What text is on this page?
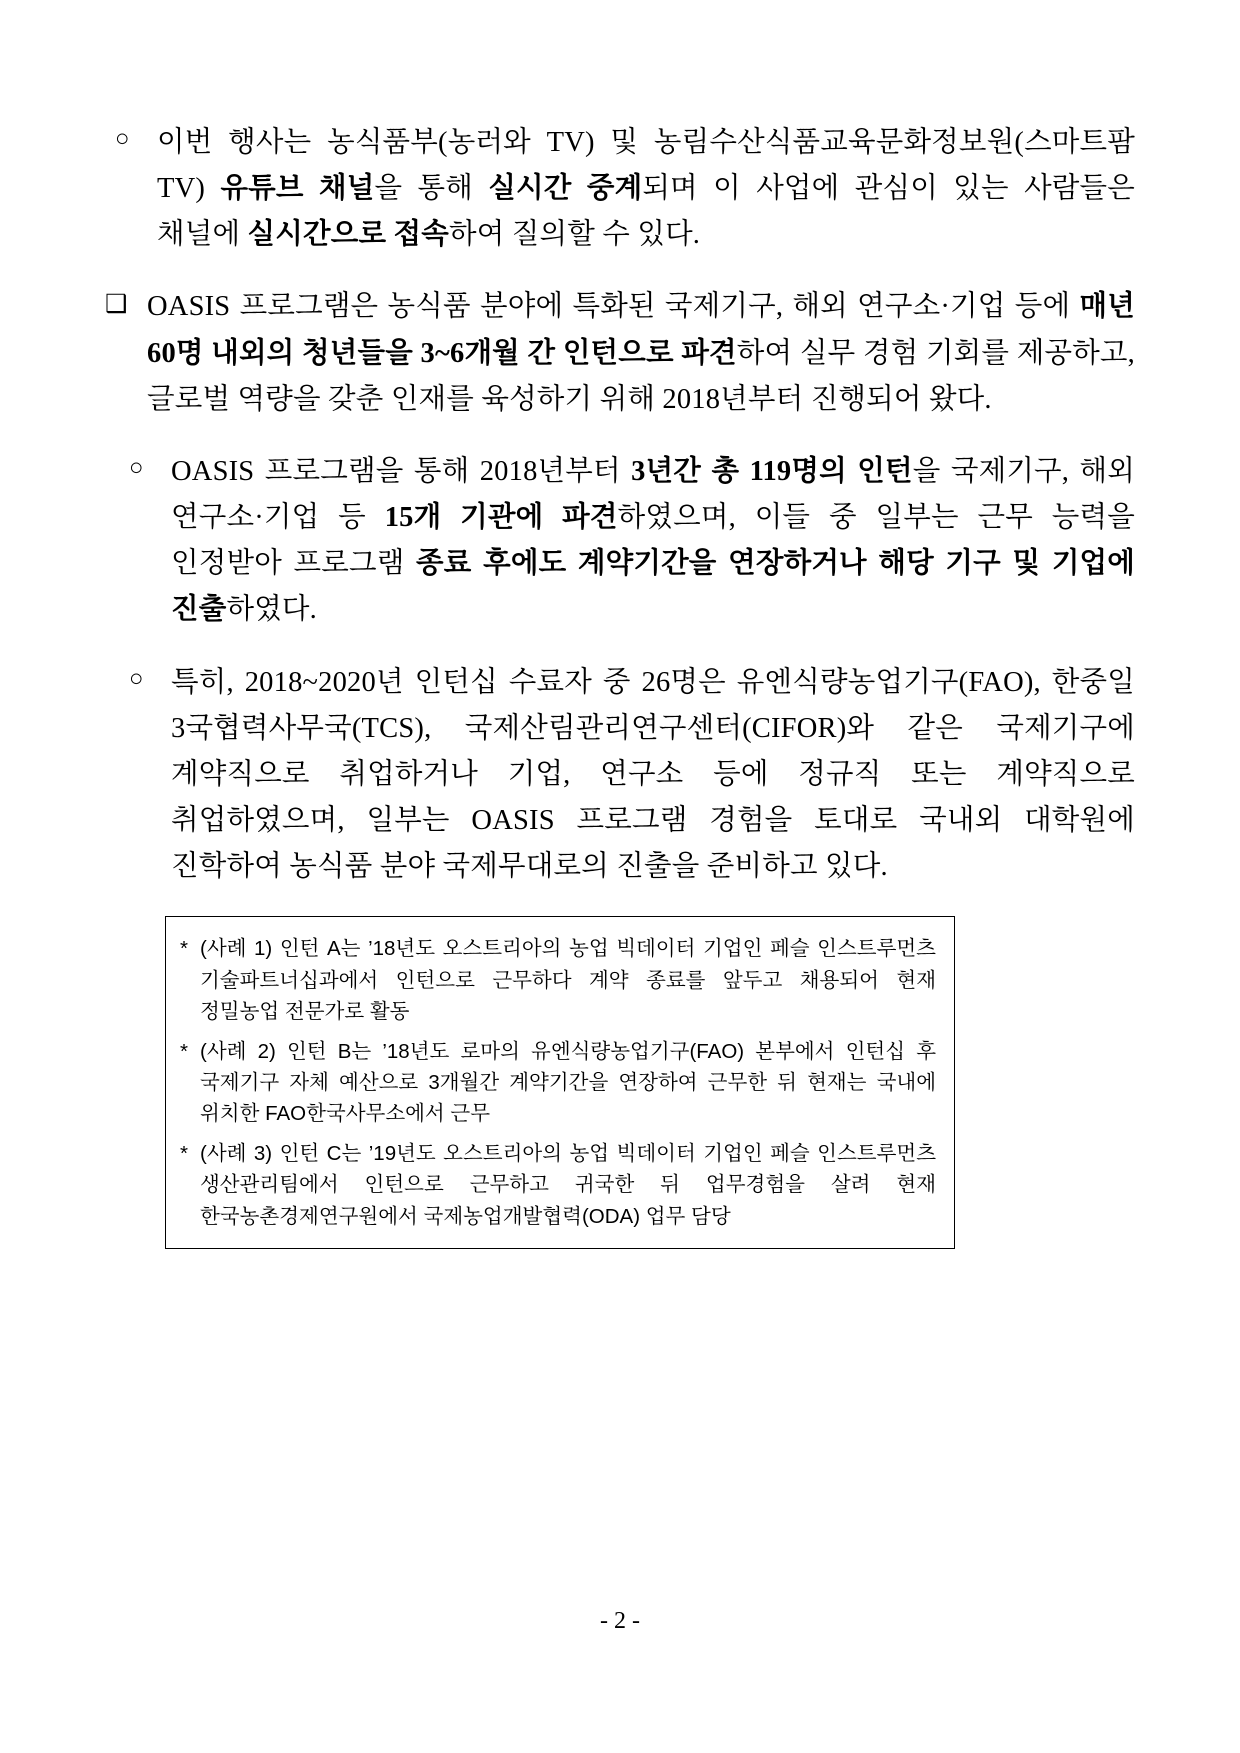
○ 이번 행사는 농식품부(농러와 TV) 및 농림수산식품교육문화정보원(스마트팜 TV) 유튜브 채널을 통해 실시간 중계되며 이 사업에 관심이 있는 사람들은 채널에 실시간으로 접속하여 질의할 수 있다.
❑ OASIS 프로그램은 농식품 분야에 특화된 국제기구, 해외 연구소·기업 등에 매년 60명 내외의 청년들을 3~6개월 간 인턴으로 파견하여 실무 경험 기회를 제공하고, 글로벌 역량을 갖춘 인재를 육성하기 위해 2018년부터 진행되어 왔다.
○ OASIS 프로그램을 통해 2018년부터 3년간 총 119명의 인턴을 국제기구, 해외 연구소·기업 등 15개 기관에 파견하였으며, 이들 중 일부는 근무 능력을 인정받아 프로그램 종료 후에도 계약기간을 연장하거나 해당 기구 및 기업에 진출하였다.
○ 특히, 2018~2020년 인턴십 수료자 중 26명은 유엔식량농업기구(FAO), 한중일 3국협력사무국(TCS), 국제산림관리연구센터(CIFOR)와 같은 국제기구에 계약직으로 취업하거나 기업, 연구소 등에 정규직 또는 계약직으로 취업하였으며, 일부는 OASIS 프로그램 경험을 토대로 국내외 대학원에 진학하여 농식품 분야 국제무대로의 진출을 준비하고 있다.
* (사례 1) 인턴 A는 ’18년도 오스트리아의 농업 빅데이터 기업인 페슬 인스트루먼츠 기술파트너십과에서 인턴으로 근무하다 계약 종료를 앞두고 채용되어 현재 정밀농업 전문가로 활동
* (사례 2) 인턴 B는 ’18년도 로마의 유엔식량농업기구(FAO) 본부에서 인턴십 후 국제기구 자체 예산으로 3개월간 계약기간을 연장하여 근무한 뒤 현재는 국내에 위치한 FAO한국사무소에서 근무
* (사례 3) 인턴 C는 ’19년도 오스트리아의 농업 빅데이터 기업인 페슬 인스트루먼츠 생산관리팀에서 인턴으로 근무하고 귀국한 뒤 업무경험을 살려 현재 한국농촌경제연구원에서 국제농업개발협력(ODA) 업무 담당
- 2 -
